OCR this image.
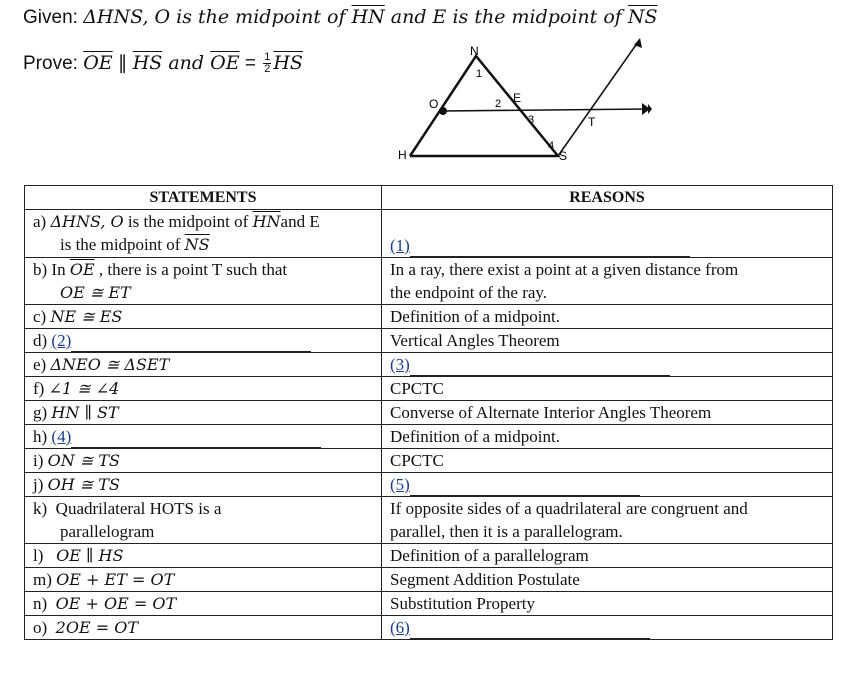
Given: ΔHNS, O is the midpoint of $\overline{HN}$ and E is the midpoint of $\overline{NS}$
Prove: $\overline{OE}$ ∥ $\overline{HS}$ and $\overline{OE} = \frac{1}{2} \overline{HS}$
N
O	E
H	S
T
1
2
3
4
STATEMENTS	REASONS
a) ΔHNS, O is the midpoint of $\overline{HN}and$ E
is the midpoint of $\overline{NS}$	(1)
b) In $\overline{OE}$ , there is a point T such that
OE ≅ ET	In a ray, there exist a point at a given distance from
the endpoint of the ray.
c) NE ≅ ES	Definition of a midpoint.
d) (2)	Vertical Angles Theorem
e) ΔNEO ≅ ΔSET	(3)
f) ∠1 ≅ ∠4	CPCTC
g) HN ∥ ST	Converse of Alternate Interior Angles Theorem
h) (4)	Definition of a midpoint.
i) ON ≅ TS	CPCTC
j) OH ≅ TS	(5)
k) Quadrilateral HOTS is a
parallelogram	If opposite sides of a quadrilateral are congruent and
parallel, then it is a parallelogram.
l) OE ∥ HS	Definition of a parallelogram
m) OE + ET = OT	Segment Addition Postulate
n) OE + OE = OT	Substitution Property
o) 2OE = OT	(6)
